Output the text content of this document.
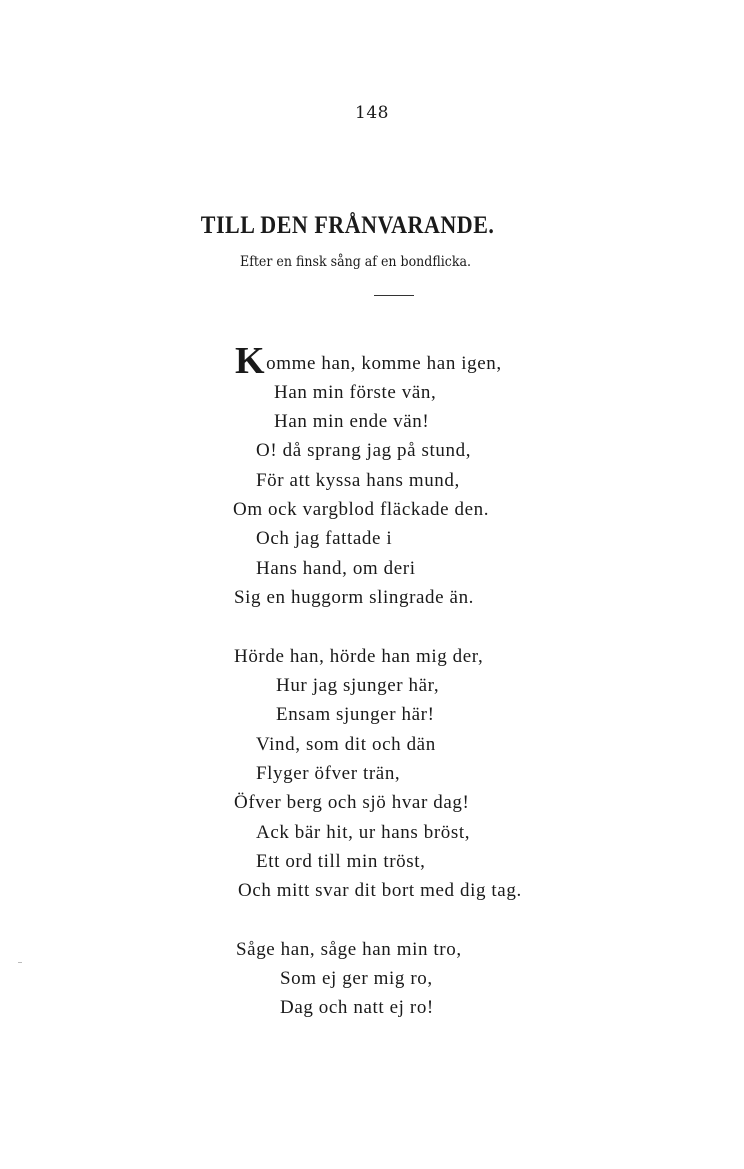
148
TILL DEN FRÅNVARANDE.
Efter en finsk sång af en bondflicka.
Komme han, komme han igen,
Han min förste vän,
Han min ende vän!
O! då sprang jag på stund,
För att kyssa hans mund,
Om ock vargblod fläckade den.
Och jag fattade i
Hans hand, om deri
Sig en huggorm slingrade än.
Hörde han, hörde han mig der,
Hur jag sjunger här,
Ensam sjunger här!
Vind, som dit och dän
Flyger öfver trän,
Öfver berg och sjö hvar dag!
Ack bär hit, ur hans bröst,
Ett ord till min tröst,
Och mitt svar dit bort med dig tag.
Såge han, såge han min tro,
Som ej ger mig ro,
Dag och natt ej ro!
